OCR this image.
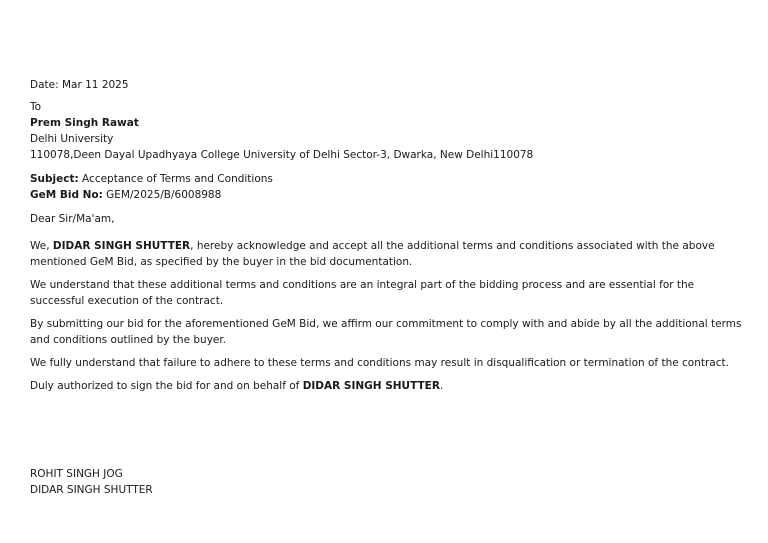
Date: Mar 11 2025
To
Prem Singh Rawat
Delhi University
110078,Deen Dayal Upadhyaya College University of Delhi Sector-3, Dwarka, New Delhi110078
Subject: Acceptance of Terms and Conditions
GeM Bid No: GEM/2025/B/6008988
Dear Sir/Ma'am,
We, DIDAR SINGH SHUTTER, hereby acknowledge and accept all the additional terms and conditions associated with the above mentioned GeM Bid, as specified by the buyer in the bid documentation.
We understand that these additional terms and conditions are an integral part of the bidding process and are essential for the successful execution of the contract.
By submitting our bid for the aforementioned GeM Bid, we affirm our commitment to comply with and abide by all the additional terms and conditions outlined by the buyer.
We fully understand that failure to adhere to these terms and conditions may result in disqualification or termination of the contract.
Duly authorized to sign the bid for and on behalf of DIDAR SINGH SHUTTER.
ROHIT SINGH JOG
DIDAR SINGH SHUTTER
